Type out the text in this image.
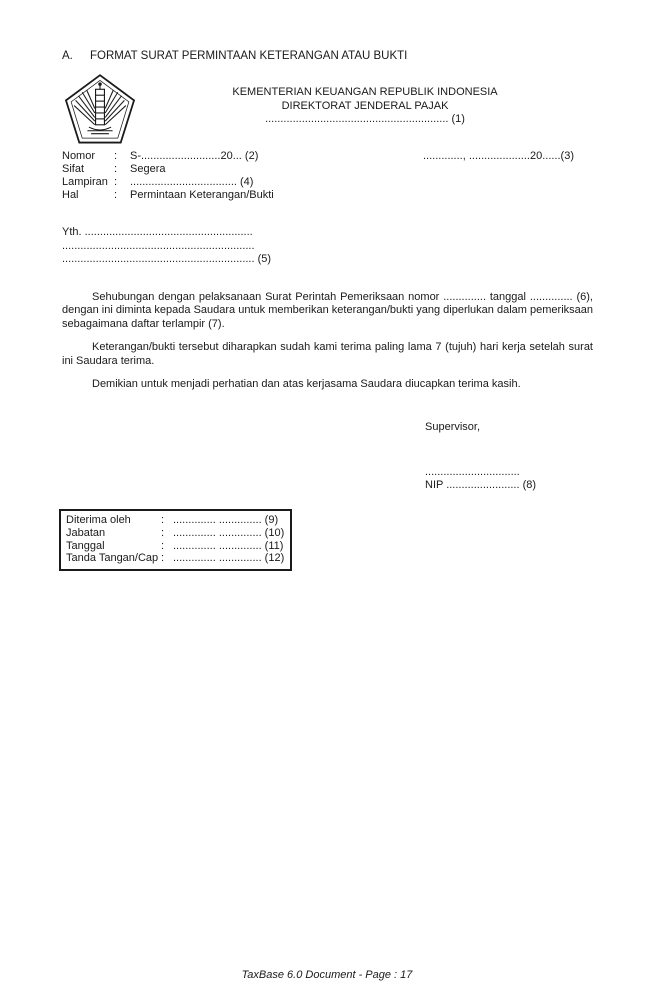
A. FORMAT SURAT PERMINTAAN KETERANGAN ATAU BUKTI
KEMENTERIAN KEUANGAN REPUBLIK INDONESIA
DIREKTORAT JENDERAL PAJAK
............................................................ (1)
Nomor	:	S-..........................20... (2)
Sifat	:	Segera
Lampiran :	................................... (4)
Hal	:	Permintaan Keterangan/Bukti
............., ....................20......(3)
Yth. .......................................................
...............................................................
............................................................... (5)

Sehubungan dengan pelaksanaan Surat Perintah Pemeriksaan nomor .............. tanggal .............. (6), dengan ini diminta kepada Saudara untuk memberikan keterangan/bukti yang diperlukan dalam pemeriksaan sebagaimana daftar terlampir (7).

Keterangan/bukti tersebut diharapkan sudah kami terima paling lama 7 (tujuh) hari kerja setelah surat ini Saudara terima.

Demikian untuk menjadi perhatian dan atas kerjasama Saudara diucapkan terima kasih.

Supervisor,
...............................
NIP ........................ (8)
Diterima oleh	: .............. .............. (9)
Jabatan	: .............. .............. (10)
Tanggal	: .............. .............. (11)
Tanda Tangan/Cap : .............. .............. (12)
TaxBase 6.0 Document - Page : 17
